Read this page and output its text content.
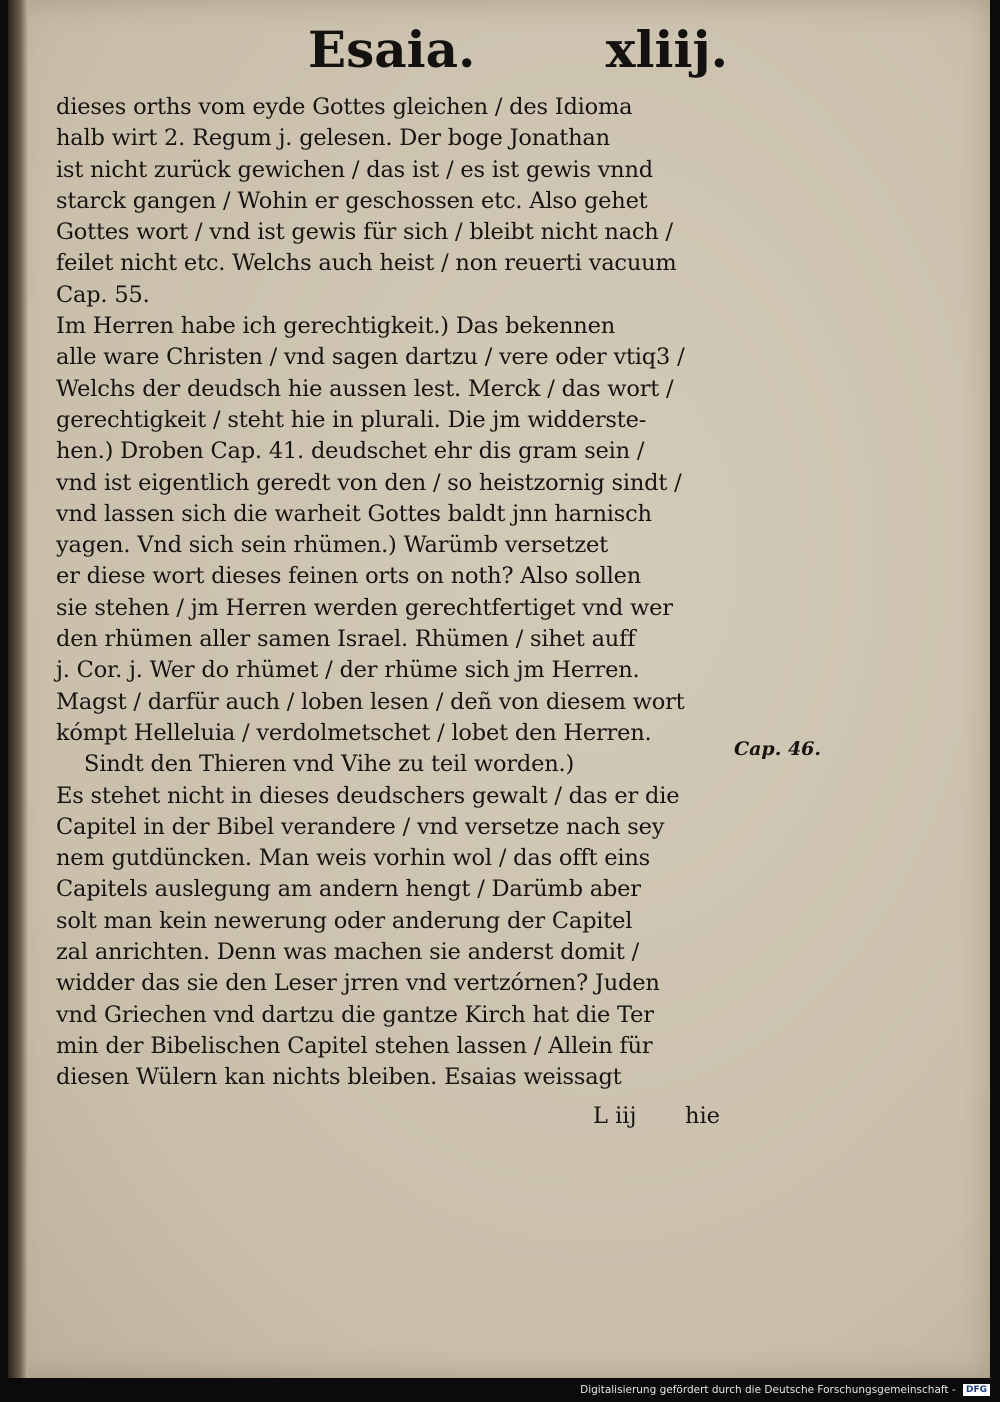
Esaia.	xliij.
dieses orths vom eyde Gottes gleichen / des Idioma
halb wirt 2. Regum j. gelesen. Der boge Jonathan
ist nicht zurück gewichen / das ist / es ist gewis vnnd
starck gangen / Wohin er geschossen etc. Also gehet
Gottes wort / vnd ist gewis für sich / bleibt nicht nach /
feilet nicht etc. Welchs auch heist / non reuerti vacuum
Cap. 55.
Im Herren habe ich gerechtigkeit.) Das bekennen
alle ware Christen / vnd sagen dartzu / vere oder vtiq3 /
Welchs der deudsch hie aussen lest. Merck / das wort /
gerechtigkeit / steht hie in plurali. Die jm widderste-
hen.) Droben Cap. 41. deudschet ehr dis gram sein /
vnd ist eigentlich geredt von den / so heistzornig sindt /
vnd lassen sich die warheit Gottes baldt jnn harnisch
yagen. Vnd sich sein rhümen.) Warümb versetzet
er diese wort dieses feinen orts on noth? Also sollen
sie stehen / jm Herren werden gerechtfertiget vnd wer
den rhümen aller samen Israel. Rhümen / sihet auff
j. Cor. j. Wer do rhümet / der rhüme sich jm Herren.
Magst / darfür auch / loben lesen / deñ von diesem wort
kómpt Helleluia / verdolmetschet / lobet den Herren.
Sindt den Thieren vnd Vihe zu teil worden.)
Es stehet nicht in dieses deudschers gewalt / das er die
Capitel in der Bibel verandere / vnd versetze nach sey
nem gutdüncken. Man weis vorhin wol / das offt eins
Capitels auslegung am andern hengt / Darümb aber
solt man kein newerung oder anderung der Capitel
zal anrichten. Denn was machen sie anderst domit /
widder das sie den Leser jrren vnd vertzórnen? Juden
vnd Griechen vnd dartzu die gantze Kirch hat die Ter
min der Bibelischen Capitel stehen lassen / Allein für
diesen Wülern kan nichts bleiben. Esaias weissagt
L iij hie
Cap. 46.
Digitalisierung gefördert durch die Deutsche Forschungsgemeinschaft - DFG
